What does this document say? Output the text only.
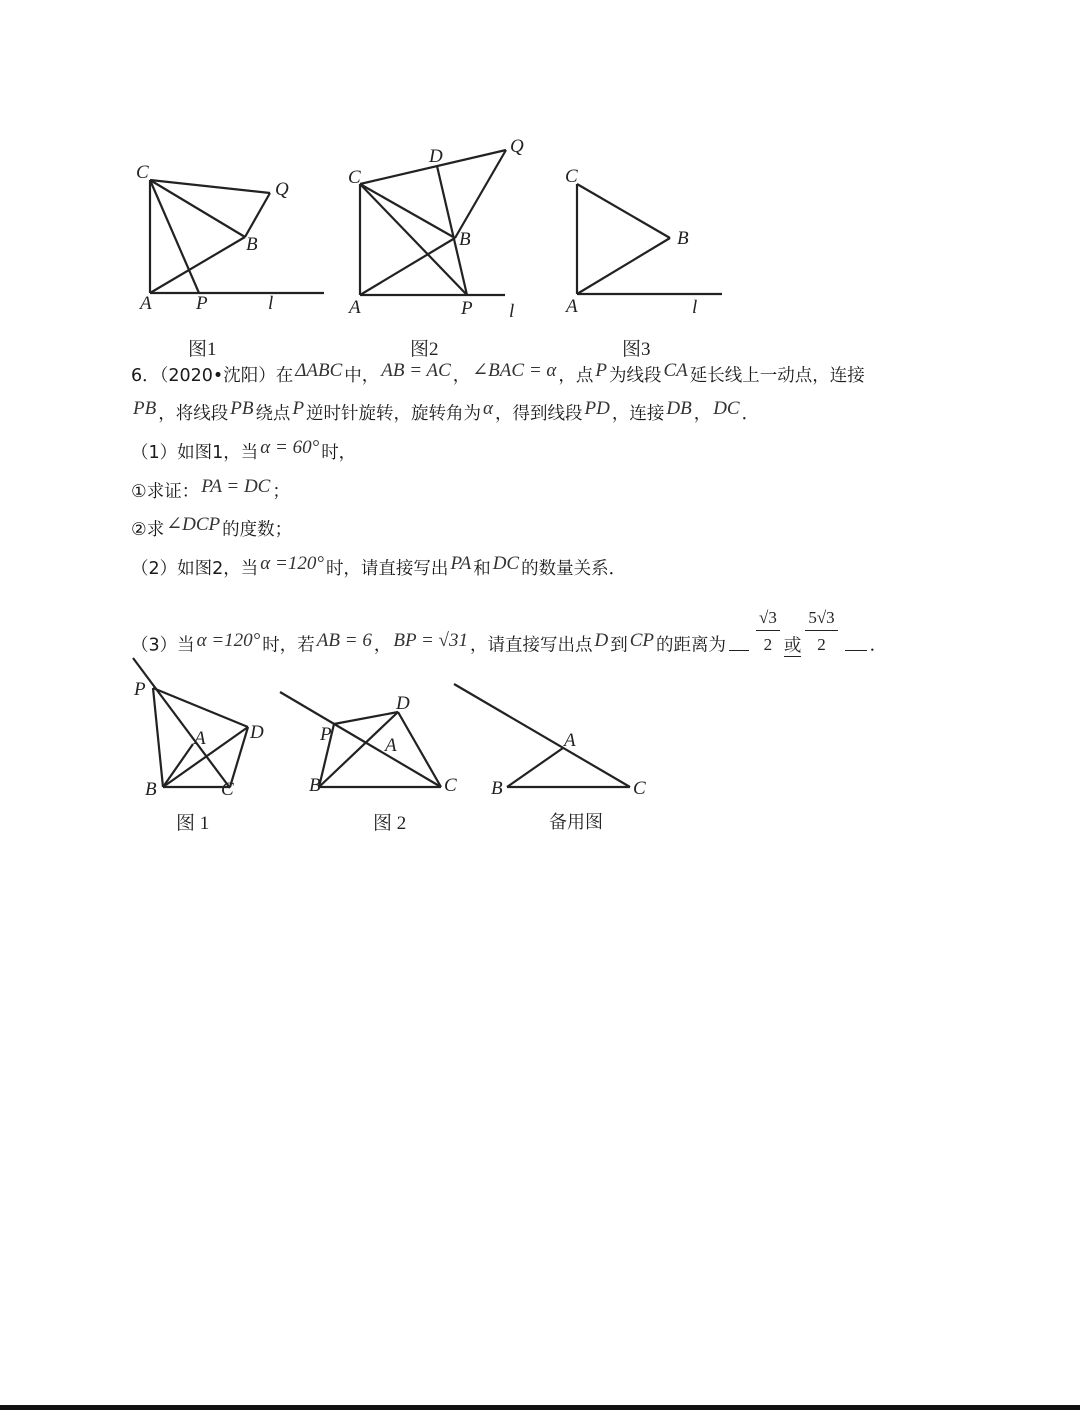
C
Q
B
A P	l
图1
C
D	Q
B
A	P l
图2
C
B
A	l
图3
6．（2020•沈阳）在 ΔABC 中， AB = AC ， ∠BAC = α ，点 P 为线段 CA 延长线上一动点，连接
PB ，将线段 PB 绕点 P 逆时针旋转，旋转角为 α ，得到线段 PD ，连接 DB ， DC ．
（1）如图1，当 α = 60° 时，
①求证： PA = DC ；
②求 ∠DCP 的度数；
（2）如图2，当 α =120° 时，请直接写出 PA 和 DC 的数量关系．
（3）当 α =120° 时，若 AB = 6 ， BP = √31 ，请直接写出点 D 到 CP 的距离为 $\frac{√3}{2}$ 或 $\frac{5√3}{2}$ ．
P
A D
B	C
图 1
P
D
A
B	C
图 2
A
B	C
备用图
